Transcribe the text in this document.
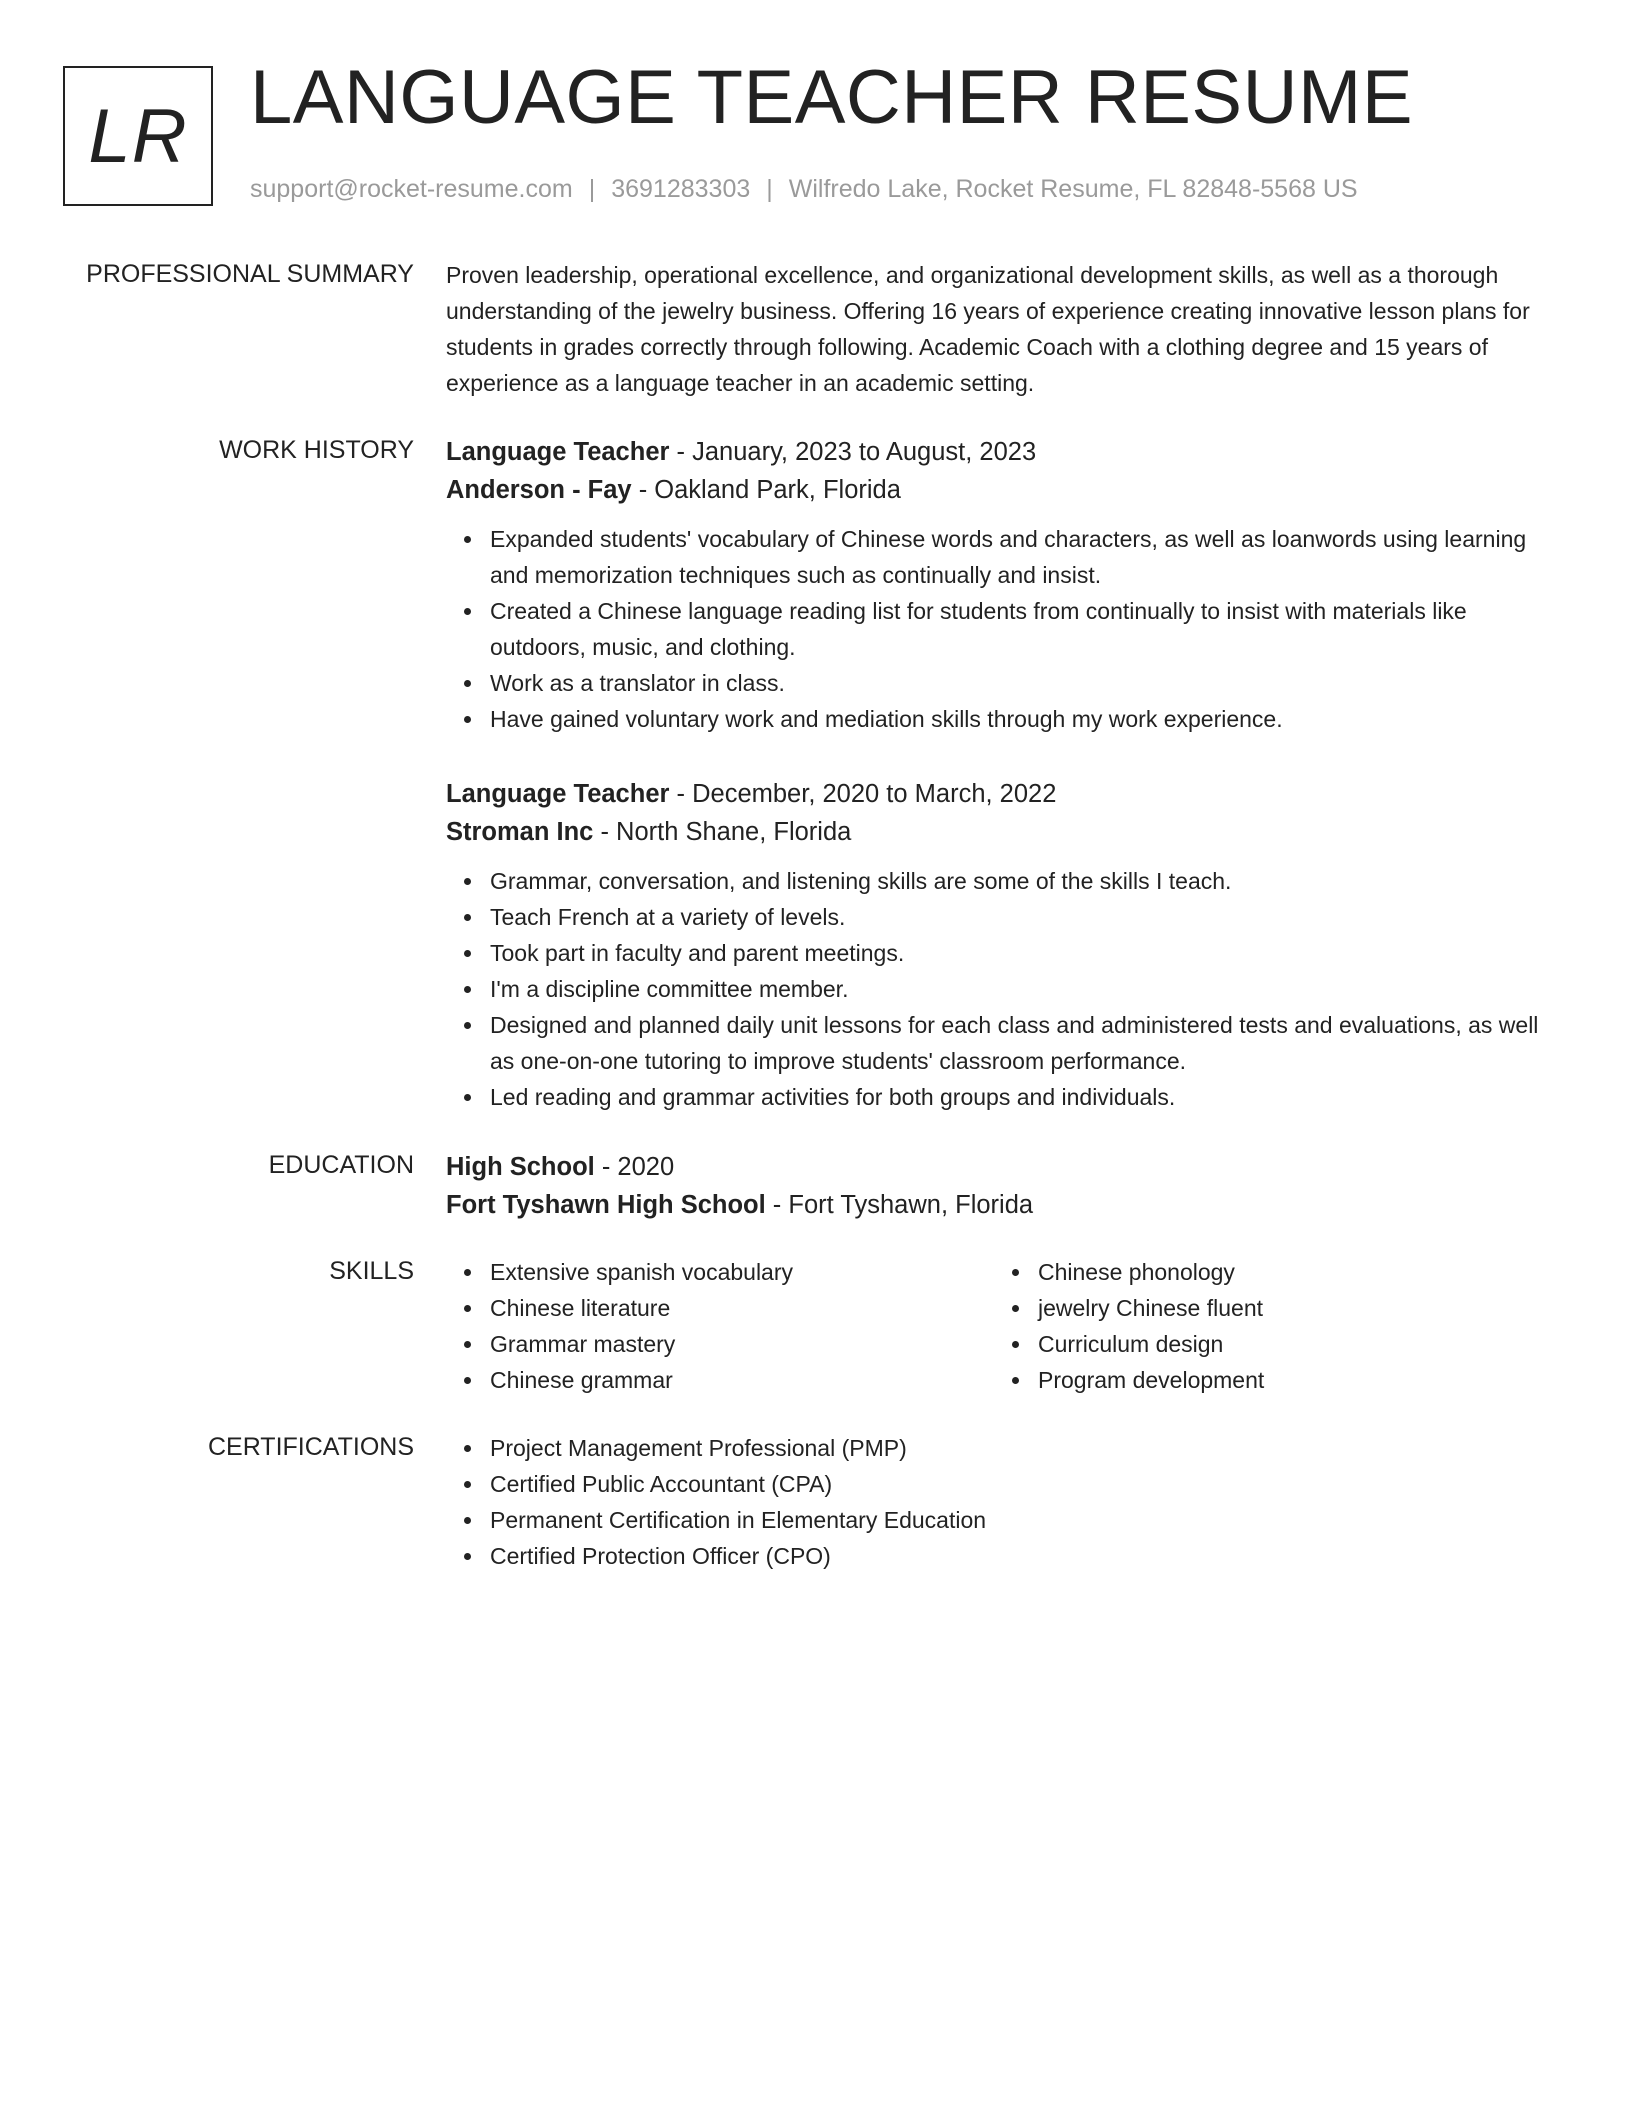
LR LANGUAGE TEACHER RESUME
support@rocket-resume.com | 3691283303 | Wilfredo Lake, Rocket Resume, FL 82848-5568 US
PROFESSIONAL SUMMARY Proven leadership, operational excellence, and organizational development skills, as well as a thorough understanding of the jewelry business. Offering 16 years of experience creating innovative lesson plans for students in grades correctly through following. Academic Coach with a clothing degree and 15 years of experience as a language teacher in an academic setting.

WORK HISTORY Language Teacher - January, 2023 to August, 2023

Anderson - Fay - Oakland Park, Florida

Expanded students' vocabulary of Chinese words and characters, as well as loanwords using learning and memorization techniques such as continually and insist.
Created a Chinese language reading list for students from continually to insist with materials like outdoors, music, and clothing.
Work as a translator in class.
Have gained voluntary work and mediation skills through my work experience.

Language Teacher - December, 2020 to March, 2022

Stroman Inc - North Shane, Florida

Grammar, conversation, and listening skills are some of the skills I teach.
Teach French at a variety of levels.
Took part in faculty and parent meetings.
I'm a discipline committee member.
Designed and planned daily unit lessons for each class and administered tests and evaluations, as well as one-on-one tutoring to improve students' classroom performance.
Led reading and grammar activities for both groups and individuals.
EDUCATION High School - 2020

Fort Tyshawn High School - Fort Tyshawn, Florida

SKILLS	Extensive spanish vocabulary
Chinese literature
Grammar mastery
Chinese grammar
Chinese phonology
jewelry Chinese fluent
Curriculum design
Program development
CERTIFICATIONS	Project Management Professional (PMP)
Certified Public Accountant (CPA)
Permanent Certification in Elementary Education
Certified Protection Officer (CPO)
